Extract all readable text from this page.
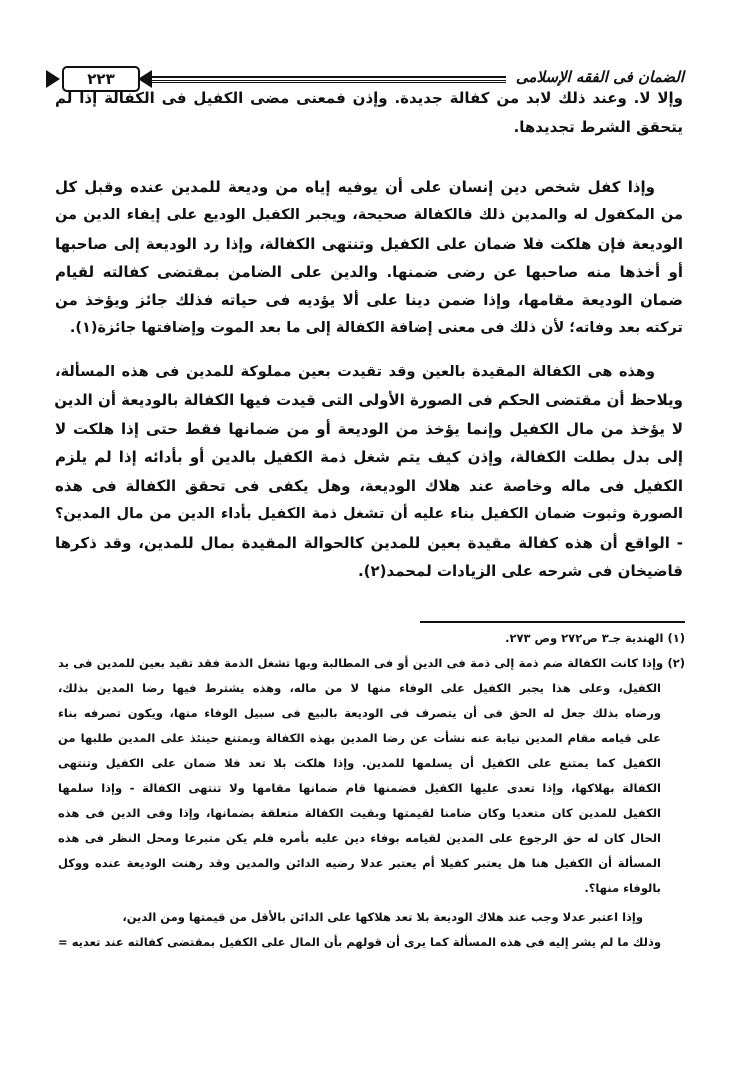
الضمان فى الفقه الإسلامى
٢٢٣
وإلا لا. وعند ذلك لابد من كفالة جديدة. وإذن فمعنى مضى الكفيل فى الكفالة إذا لم
يتحقق الشرط تجديدها.
وإذا كفل شخص دين إنسان على أن يوفيه إياه من وديعة للمدين عنده وقبل كل
من المكفول له والمدين ذلك فالكفالة صحيحة، ويجبر الكفيل الوديع على إيفاء الدين من
الوديعة فإن هلكت فلا ضمان على الكفيل وتنتهى الكفالة، وإذا رد الوديعة إلى صاحبها
أو أخذها منه صاحبها عن رضى ضمنها. والدين على الضامن بمقتضى كفالته لقيام
ضمان الوديعة مقامها، وإذا ضمن دينا على ألا يؤديه فى حياته فذلك جائز ويؤخذ من
تركته بعد وفاته؛ لأن ذلك فى معنى إضافة الكفالة إلى ما بعد الموت وإضافتها جائزة(١).
وهذه هى الكفالة المقيدة بالعين وقد تقيدت بعين مملوكة للمدين فى هذه المسألة،
ويلاحظ أن مقتضى الحكم فى الصورة الأولى التى قيدت فيها الكفالة بالوديعة أن الدين
لا يؤخذ من مال الكفيل وإنما يؤخذ من الوديعة أو من ضمانها فقط حتى إذا هلكت لا
إلى بدل بطلت الكفالة، وإذن كيف يتم شغل ذمة الكفيل بالدين أو بأدائه إذا لم يلزم
الكفيل فى ماله وخاصة عند هلاك الوديعة، وهل يكفى فى تحقق الكفالة فى هذه
الصورة وثبوت ضمان الكفيل بناء عليه أن تشغل ذمة الكفيل بأداء الدين من مال المدين؟
- الواقع أن هذه كفالة مقيدة بعين للمدين كالحوالة المقيدة بمال للمدين، وقد ذكرها
قاضيخان فى شرحه على الزيادات لمحمد(٢).
(١) الهندية جـ٣ ص٢٧٢ وص ٢٧٣.
(٢) وإذا كانت الكفالة ضم ذمة إلى ذمة فى الدين أو فى المطالبة وبها تشغل الذمة فقد تقيد بعين للمدين فى يد
الكفيل، وعلى هذا يجبر الكفيل على الوفاء منها لا من ماله، وهذه يشترط فيها رضا المدين بذلك،
ورضاه بذلك جعل له الحق فى أن يتصرف فى الوديعة بالبيع فى سبيل الوفاء منها، ويكون تصرفه بناء
على قيامه مقام المدين نيابة عنه نشأت عن رضا المدين بهذه الكفالة ويمتنع حينئذ على المدين طلبها من
الكفيل كما يمتنع على الكفيل أن يسلمها للمدين. وإذا هلكت بلا تعد فلا ضمان على الكفيل وتنتهى
الكفالة بهلاكها، وإذا تعدى عليها الكفيل فضمنها قام ضمانها مقامها ولا تنتهى الكفالة - وإذا سلمها
الكفيل للمدين كان متعديا وكان ضامنا لقيمتها وبقيت الكفالة متعلقة بضمانها، وإذا وفى الدين فى هذه
الحال كان له حق الرجوع على المدين لقيامه بوفاء دين عليه بأمره فلم يكن متبرعا ومحل النظر فى هذه
المسألة أن الكفيل هنا هل يعتبر كفيلا أم يعتبر عدلا رضيه الدائن والمدين وقد رهنت الوديعة عنده ووكل
بالوفاء منها؟.
وإذا اعتبر عدلا وجب عند هلاك الوديعة بلا تعد هلاكها على الدائن بالأقل من قيمتها ومن الدين،
وذلك ما لم يشر إليه فى هذه المسألة كما يرى أن قولهم بأن المال على الكفيل بمقتضى كفالته عند تعديه =
